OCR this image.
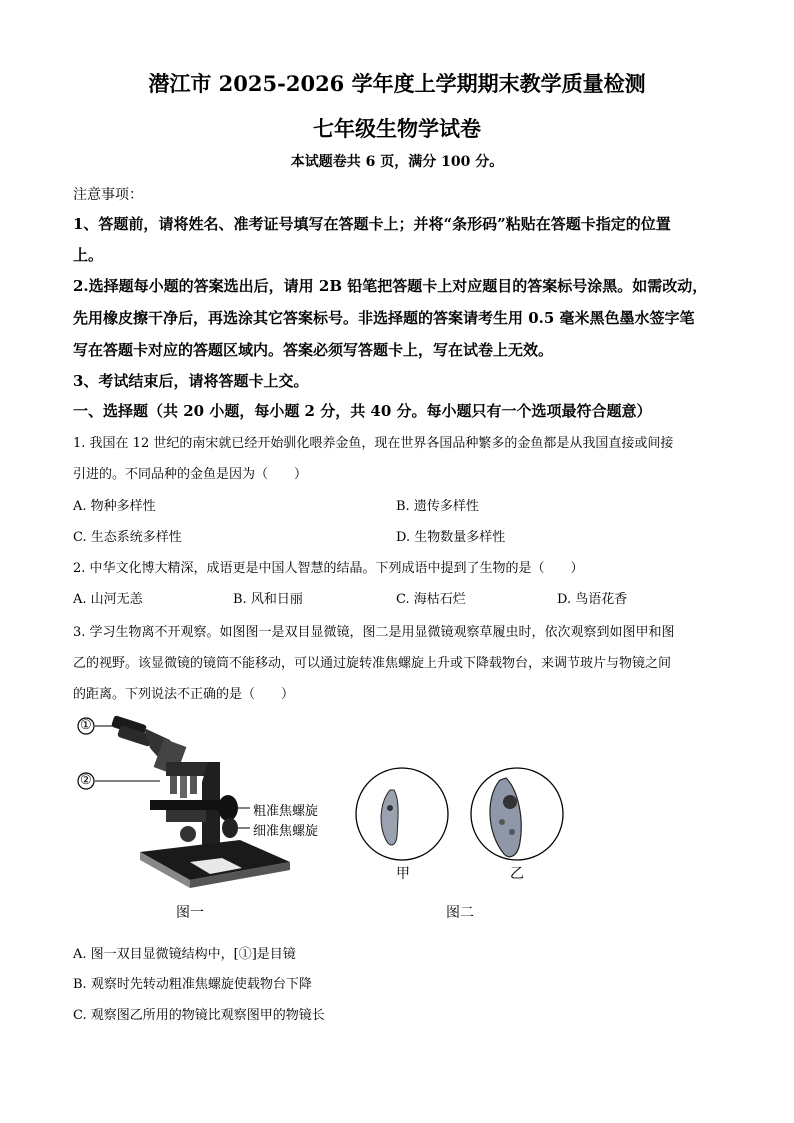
潜江市 2025-2026 学年度上学期期末教学质量检测
七年级生物学试卷
本试题卷共 6 页，满分 100 分。
注意事项：
1、答题前，请将姓名、准考证号填写在答题卡上；并将“条形码”粘贴在答题卡指定的位置
上。
2.选择题每小题的答案选出后，请用 2B 铅笔把答题卡上对应题目的答案标号涂黑。如需改动，
先用橡皮擦干净后，再选涂其它答案标号。非选择题的答案请考生用 0.5 毫米黑色墨水签字笔
写在答题卡对应的答题区域内。答案必须写答题卡上，写在试卷上无效。
3、考试结束后，请将答题卡上交。
一、选择题（共 20 小题，每小题 2 分，共 40 分。每小题只有一个选项最符合题意）
1. 我国在 12 世纪的南宋就已经开始驯化喂养金鱼，现在世界各国品种繁多的金鱼都是从我国直接或间接
引进的。不同品种的金鱼是因为（　　）
A. 物种多样性	B. 遗传多样性
C. 生态系统多样性	D. 生物数量多样性
2. 中华文化博大精深，成语更是中国人智慧的结晶。下列成语中提到了生物的是（　　）
A. 山河无恙	B. 风和日丽	C. 海枯石烂	D. 鸟语花香
3. 学习生物离不开观察。如图图一是双目显微镜，图二是用显微镜观察草履虫时，依次观察到如图甲和图
乙的视野。该显微镜的镜筒不能移动，可以通过旋转准焦螺旋上升或下降载物台，来调节玻片与物镜之间
的距离。下列说法不正确的是（　　）
①
②
粗准焦螺旋
细准焦螺旋
甲	乙
图一	图二
A. 图一双目显微镜结构中，[①]是目镜
B. 观察时先转动粗准焦螺旋使载物台下降
C. 观察图乙所用的物镜比观察图甲的物镜长
